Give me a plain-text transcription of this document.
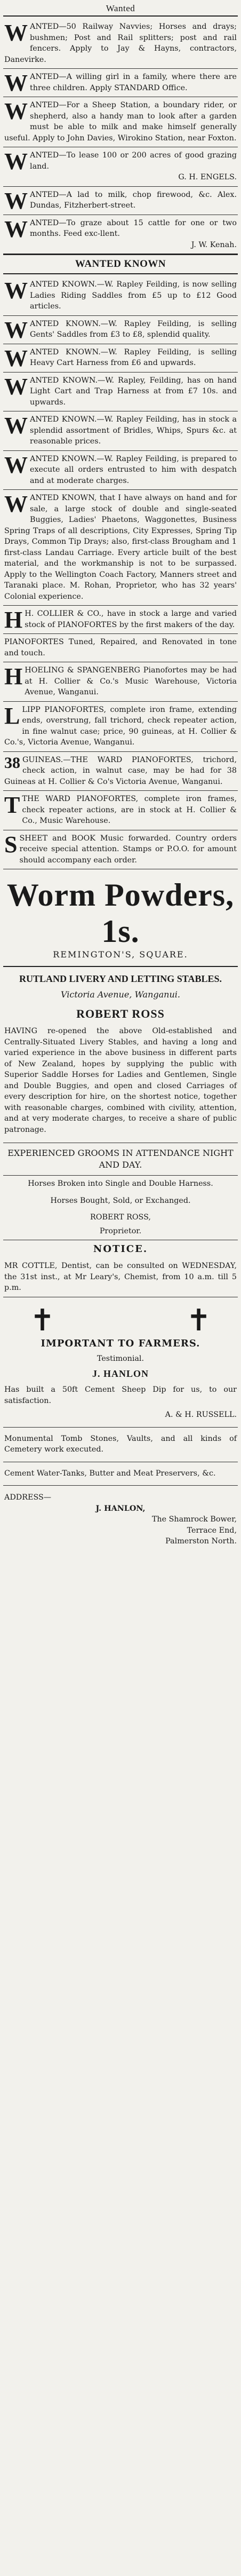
Wanted
WANTED—50 Railway Navvies; Horses and drays; bushmen; Post and Rail splitters; post and rail fencers. Apply to Jay & Hayns, contractors, Danevirke.
WANTED—A willing girl in a family, where there are three children. Apply STANDARD Office.
WANTED—For a Sheep Station, a boundary rider, or shepherd, also a handy man to look after a garden must be able to milk and make himself generally useful. Apply to John Davies, Wirokino Station, near Foxton.
WANTED—To lease 100 or 200 acres of good grazing land.
G. H. ENGELS.
WANTED—A lad to milk, chop firewood, &c. Alex. Dundas, Fitzherbert-street.
WANTED—To graze about 15 cattle for one or two months. Feed exc-llent.
J. W. Kenah.
WANTED KNOWN
WANTED KNOWN.—W. Rapley Feilding, is now selling Ladies Riding Saddles from £5 up to £12 Good articles.
WANTED KNOWN.—W. Rapley Feilding, is selling Gents' Saddles from £3 to £8, splendid quality.
WANTED KNOWN.—W. Rapley Feilding, is selling Heavy Cart Harness from £6 and upwards.
WANTED KNOWN.—W. Rapley, Feilding, has on hand Light Cart and Trap Harness at from £7 10s. and upwards.
WANTED KNOWN.—W. Rapley Feilding, has in stock a splendid assortment of Bridles, Whips, Spurs &c. at reasonable prices.
WANTED KNOWN.—W. Rapley Feilding, is prepared to execute all orders entrusted to him with despatch and at moderate charges.
WANTED KNOWN, that I have always on hand and for sale, a large stock of double and single-seated Buggies, Ladies' Phaetons, Waggonettes, Business Spring Traps of all descriptions, City Expresses, Spring Tip Drays, Common Tip Drays; also, first-class Brougham and 1 first-class Landau Carriage. Every article built of the best material, and the workmanship is not to be surpassed. Apply to the Wellington Coach Factory, Manners street and Taranaki place. M. Rohan, Proprietor, who has 32 years' Colonial experience.
H H. COLLIER & CO., have in stock a large and varied stock of PIANOFORTES by the first makers of the day.
PIANOFORTES Tuned, Repaired, and Renovated in tone and touch.
HHOELING & SPANGENBERG Pianofortes may be had at H. Collier & Co.'s Music Warehouse, Victoria Avenue, Wanganui.
LLIPP PIANOFORTES, complete iron frame, extending ends, overstrung, fall trichord, check repeater action, in fine walnut case; price, 90 guineas, at H. Collier & Co.'s, Victoria Avenue, Wanganui.
38 GUINEAS.—THE WARD PIANOFORTES, trichord, check action, in walnut case, may be had for 38 Guineas at H. Collier & Co's Victoria Avenue, Wanganui.
TTHE WARD PIANOFORTES, complete iron frames, check repeater actions, are in stock at H. Collier & Co., Music Warehouse.
SSHEET and BOOK Music forwarded. Country orders receive special attention. Stamps or P.O.O. for amount should accompany each order.
Worm Powders, 1s.
REMINGTON'S, SQUARE.
RUTLAND LIVERY AND LETTING STABLES.
Victoria Avenue, Wanganui.
ROBERT ROSS
HAVING re-opened the above Old-established and Centrally-Situated Livery Stables, and having a long and varied experience in the above business in different parts of New Zealand, hopes by supplying the public with Superior Saddle Horses for Ladies and Gentlemen, Single and Double Buggies, and open and closed Carriages of every description for hire, on the shortest notice, together with reasonable charges, combined with civility, attention, and at very moderate charges, to receive a share of public patronage.
EXPERIENCED GROOMS IN ATTENDANCE NIGHT AND DAY.
Horses Broken into Single and Double Harness.
Horses Bought, Sold, or Exchanged.
ROBERT ROSS,
Proprietor.
NOTICE.
MR COTTLE, Dentist, can be consulted on WEDNESDAY, the 31st inst., at Mr Leary's, Chemist, from 10 a.m. till 5 p.m.
✝	✝
IMPORTANT TO FARMERS.
Testimonial.
J. HANLON
Has built a 50ft Cement Sheep Dip for us, to our satisfaction.
A. & H. RUSSELL.
Monumental Tomb Stones, Vaults, and all kinds of Cemetery work executed.
Cement Water-Tanks, Butter and Meat Preservers, &c.
ADDRESS—
J. HANLON,
The Shamrock Bower,
Terrace End,
Palmerston North.
